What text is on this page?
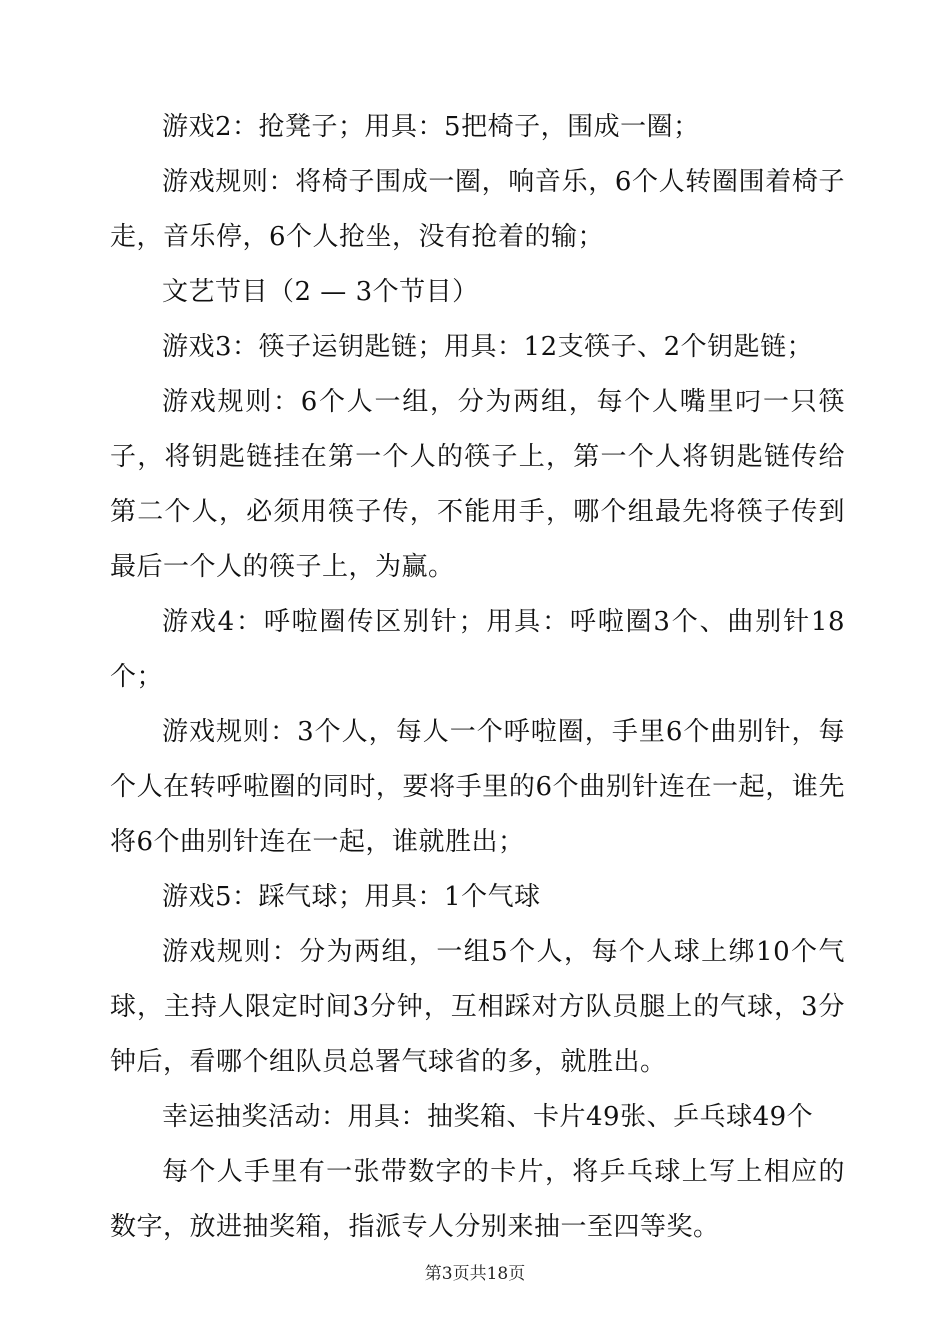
游戏2：抢凳子；用具：5把椅子，围成一圈；

游戏规则：将椅子围成一圈，响音乐，6个人转圈围着椅子走，音乐停，6个人抢坐，没有抢着的输；

文艺节目（2 — 3个节目）

游戏3：筷子运钥匙链；用具：12支筷子、2个钥匙链；

游戏规则：6个人一组，分为两组，每个人嘴里叼一只筷子，将钥匙链挂在第一个人的筷子上，第一个人将钥匙链传给第二个人，必须用筷子传，不能用手，哪个组最先将筷子传到最后一个人的筷子上，为赢。

游戏4：呼啦圈传区别针；用具：呼啦圈3个、曲别针18个；

游戏规则：3个人，每人一个呼啦圈，手里6个曲别针，每个人在转呼啦圈的同时，要将手里的6个曲别针连在一起，谁先将6个曲别针连在一起，谁就胜出；

游戏5：踩气球；用具：1个气球

游戏规则：分为两组，一组5个人，每个人球上绑10个气球，主持人限定时间3分钟，互相踩对方队员腿上的气球，3分钟后，看哪个组队员总署气球省的多，就胜出。

幸运抽奖活动：用具：抽奖箱、卡片49张、乒乓球49个

每个人手里有一张带数字的卡片，将乒乓球上写上相应的数字，放进抽奖箱，指派专人分别来抽一至四等奖。

第3页共18页
